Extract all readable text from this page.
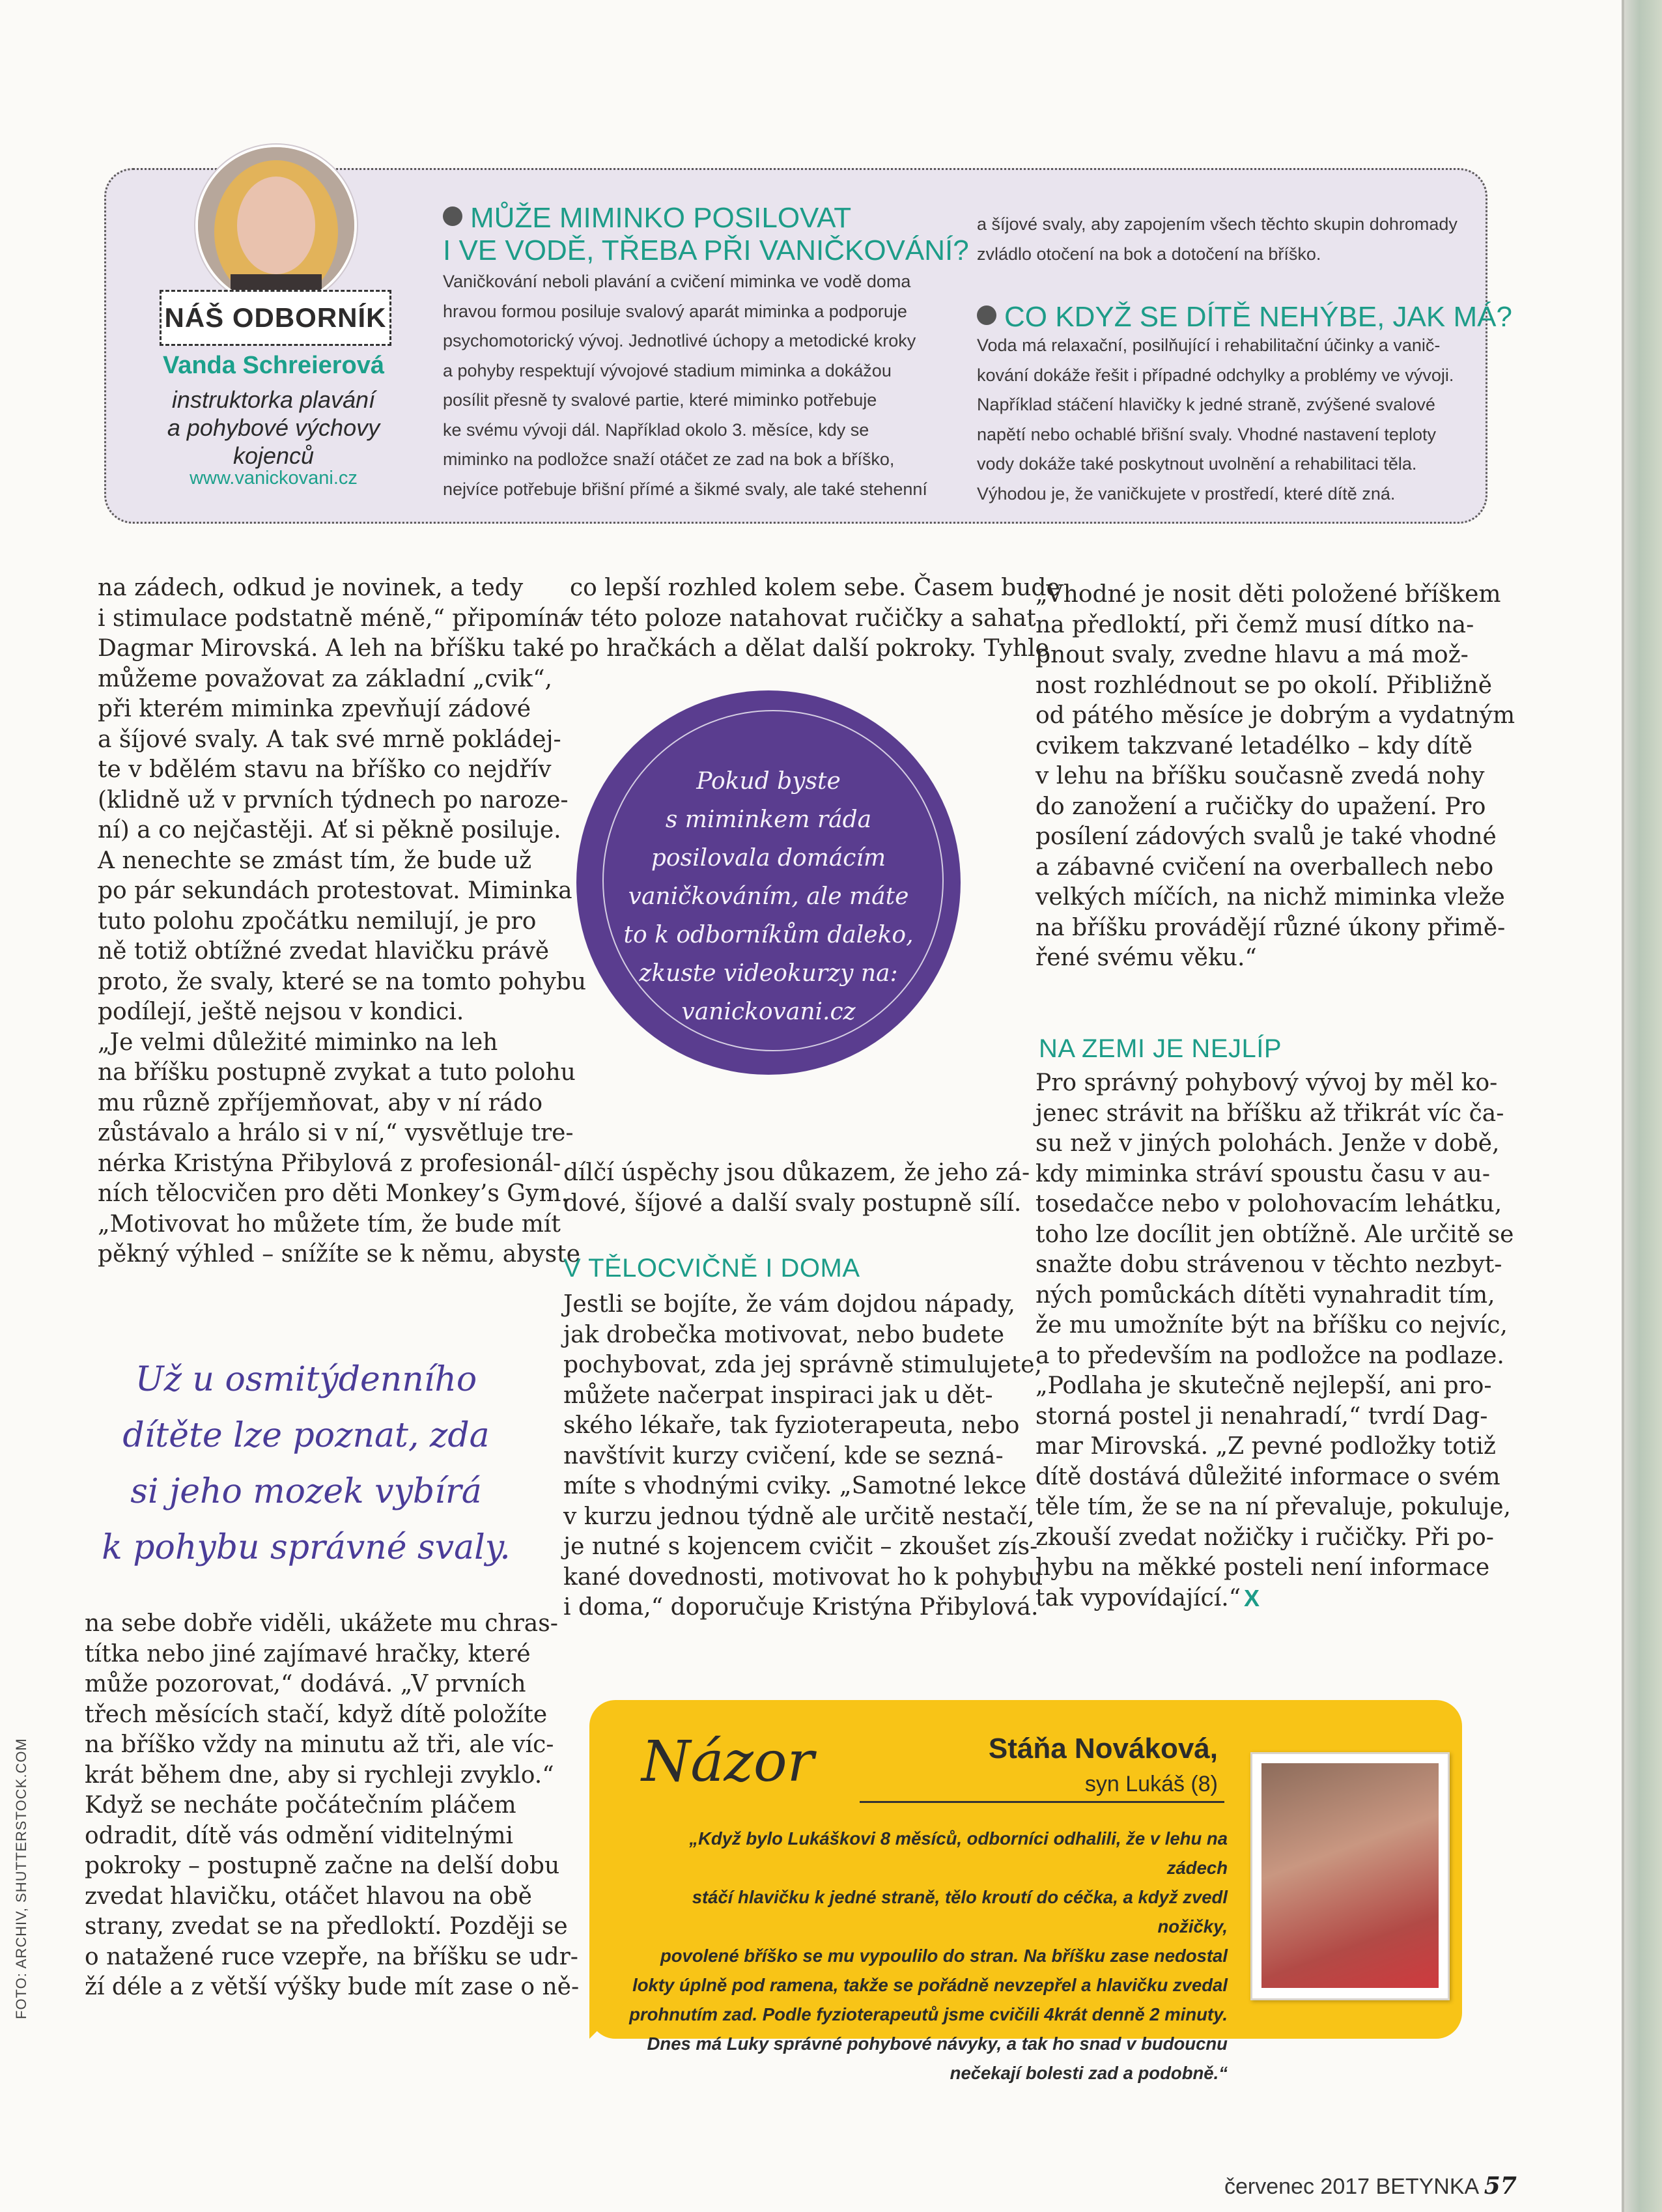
NÁŠ ODBORNÍK
Vanda Schreierová
instruktorka plavání
a pohybové výchovy
kojenců
www.vanickovani.cz
MŮŽE MIMINKO POSILOVAT
I VE VODĚ, TŘEBA PŘI VANIČKOVÁNÍ?
Vaničkování neboli plavání a cvičení miminka ve vodě doma
hravou formou posiluje svalový aparát miminka a podporuje
psychomotorický vývoj. Jednotlivé úchopy a metodické kroky
a pohyby respektují vývojové stadium miminka a dokážou
posílit přesně ty svalové partie, které miminko potřebuje
ke svému vývoji dál. Například okolo 3. měsíce, kdy se
miminko na podložce snaží otáčet ze zad na bok a bříško,
nejvíce potřebuje břišní přímé a šikmé svaly, ale také stehenní
a šíjové svaly, aby zapojením všech těchto skupin dohromady
zvládlo otočení na bok a dotočení na bříško.
CO KDYŽ SE DÍTĚ NEHÝBE, JAK MÁ?
Voda má relaxační, posilňující i rehabilitační účinky a vanič-
kování dokáže řešit i případné odchylky a problémy ve vývoji.
Například stáčení hlavičky k jedné straně, zvýšené svalové
napětí nebo ochablé břišní svaly. Vhodné nastavení teploty
vody dokáže také poskytnout uvolnění a rehabilitaci těla.
Výhodou je, že vaničkujete v prostředí, které dítě zná.
na zádech, odkud je novinek, a tedy
i stimulace podstatně méně,“ připomíná
Dagmar Mirovská. A leh na bříšku také
můžeme považovat za základní „cvik“,
při kterém miminka zpevňují zádové
a šíjové svaly. A tak své mrně pokládej-
te v bdělém stavu na bříško co nejdřív
(klidně už v prvních týdnech po narozе-
ní) a co nejčastěji. Ať si pěkně posiluje.
A nenechte se zmást tím, že bude už
po pár sekundách protestovat. Miminka
tuto polohu zpočátku nemilují, je pro
ně totiž obtížné zvedat hlavičku právě
proto, že svaly, které se na tomto pohybu
podílejí, ještě nejsou v kondici.
„Je velmi důležité miminko na leh
na bříšku postupně zvykat a tuto polohu
mu různě zpříjemňovat, aby v ní rádo
zůstávalo a hrálo si v ní,“ vysvětluje tre-
nérka Kristýna Přibylová z profesionál-
ních tělocvičen pro děti Monkey’s Gym.
„Motivovat ho můžete tím, že bude mít
pěkný výhled – snížíte se k němu, abyste
Už u osmitýdenního
dítěte lze poznat, zda
si jeho mozek vybírá
k pohybu správné svaly.
na sebe dobře viděli, ukážete mu chras-
títka nebo jiné zajímavé hračky, které
může pozorovat,“ dodává. „V prvních
třech měsících stačí, když dítě položíte
na bříško vždy na minutu až tři, ale víc-
krát během dne, aby si rychleji zvyklo.“
Když se necháte počátečním pláčem
odradit, dítě vás odmění viditelnými
pokroky – postupně začne na delší dobu
zvedat hlavičku, otáčet hlavou na obě
strany, zvedat se na předloktí. Později se
o natažené ruce vzepře, na bříšku se udr-
ží déle a z větší výšky bude mít zase o ně-
co lepší rozhled kolem sebe. Časem bude
v této poloze natahovat ručičky a sahat
po hračkách a dělat další pokroky. Tyhle
Pokud byste
s miminkem ráda
posilovala domácím
vaničkováním, ale máte
to k odborníkům daleko,
zkuste videokurzy na:
vanickovani.cz
dílčí úspěchy jsou důkazem, že jeho zá-
dové, šíjové a další svaly postupně sílí.
V TĚLOCVIČNĚ I DOMA
Jestli se bojíte, že vám dojdou nápady,
jak drobečka motivovat, nebo budete
pochybovat, zda jej správně stimulujete,
můžete načerpat inspiraci jak u dět-
ského lékaře, tak fyzioterapeuta, nebo
navštívit kurzy cvičení, kde se sezná-
míte s vhodnými cviky. „Samotné lekce
v kurzu jednou týdně ale určitě nestačí,
je nutné s kojencem cvičit – zkoušet zís-
kané dovednosti, motivovat ho k pohybu
i doma,“ doporučuje Kristýna Přibylová.
„Vhodné je nosit děti položené bříškem
na předloktí, při čemž musí dítko na-
pnout svaly, zvedne hlavu a má mož-
nost rozhlédnout se po okolí. Přibližně
od pátého měsíce je dobrým a vydatným
cvikem takzvané letadélko – kdy dítě
v lehu na bříšku současně zvedá nohy
do zanožení a ručičky do upažení. Pro
posílení zádových svalů je také vhodné
a zábavné cvičení na overballech nebo
velkých míčích, na nichž miminka vleže
na bříšku provádějí různé úkony přimě-
řené svému věku.“
NA ZEMI JE NEJLÍP
Pro správný pohybový vývoj by měl ko-
jenec strávit na bříšku až třikrát víc ča-
su než v jiných polohách. Jenže v době,
kdy miminka stráví spoustu času v au-
tosedačce nebo v polohovacím lehátku,
toho lze docílit jen obtížně. Ale určitě se
snažte dobu strávenou v těchto nezbyt-
ných pomůckách dítěti vynahradit tím,
že mu umožníte být na bříšku co nejvíc,
a to především na podložce na podlaze.
„Podlaha je skutečně nejlepší, ani pro-
storná postel ji nenahradí,“ tvrdí Dag-
mar Mirovská. „Z pevné podložky totiž
dítě dostává důležité informace o svém
těle tím, že se na ní převaluje, pokuluje,
zkouší zvedat nožičky i ručičky. Při po-
hybu na měkké posteli není informace
tak vypovídající.“ X
Názor	Stáňa Nováková,
syn Lukáš (8)
„Když bylo Lukáškovi 8 měsíců, odborníci odhalili, že v lehu na zádech
stáčí hlavičku k jedné straně, tělo kroutí do céčka, a když zvedl nožičky,
povolené bříško se mu vypoulilo do stran. Na bříšku zase nedostal
lokty úplně pod ramena, takže se pořádně nevzepřel a hlavičku zvedal
prohnutím zad. Podle fyzioterapeutů jsme cvičili 4krát denně 2 minuty.
Dnes má Luky správné pohybové návyky, a tak ho snad v budoucnu
nečekají bolesti zad a podobně.“
FOTO: ARCHIV, SHUTTERSTOCK.COM
červenec 2017 BETYNKA 57
